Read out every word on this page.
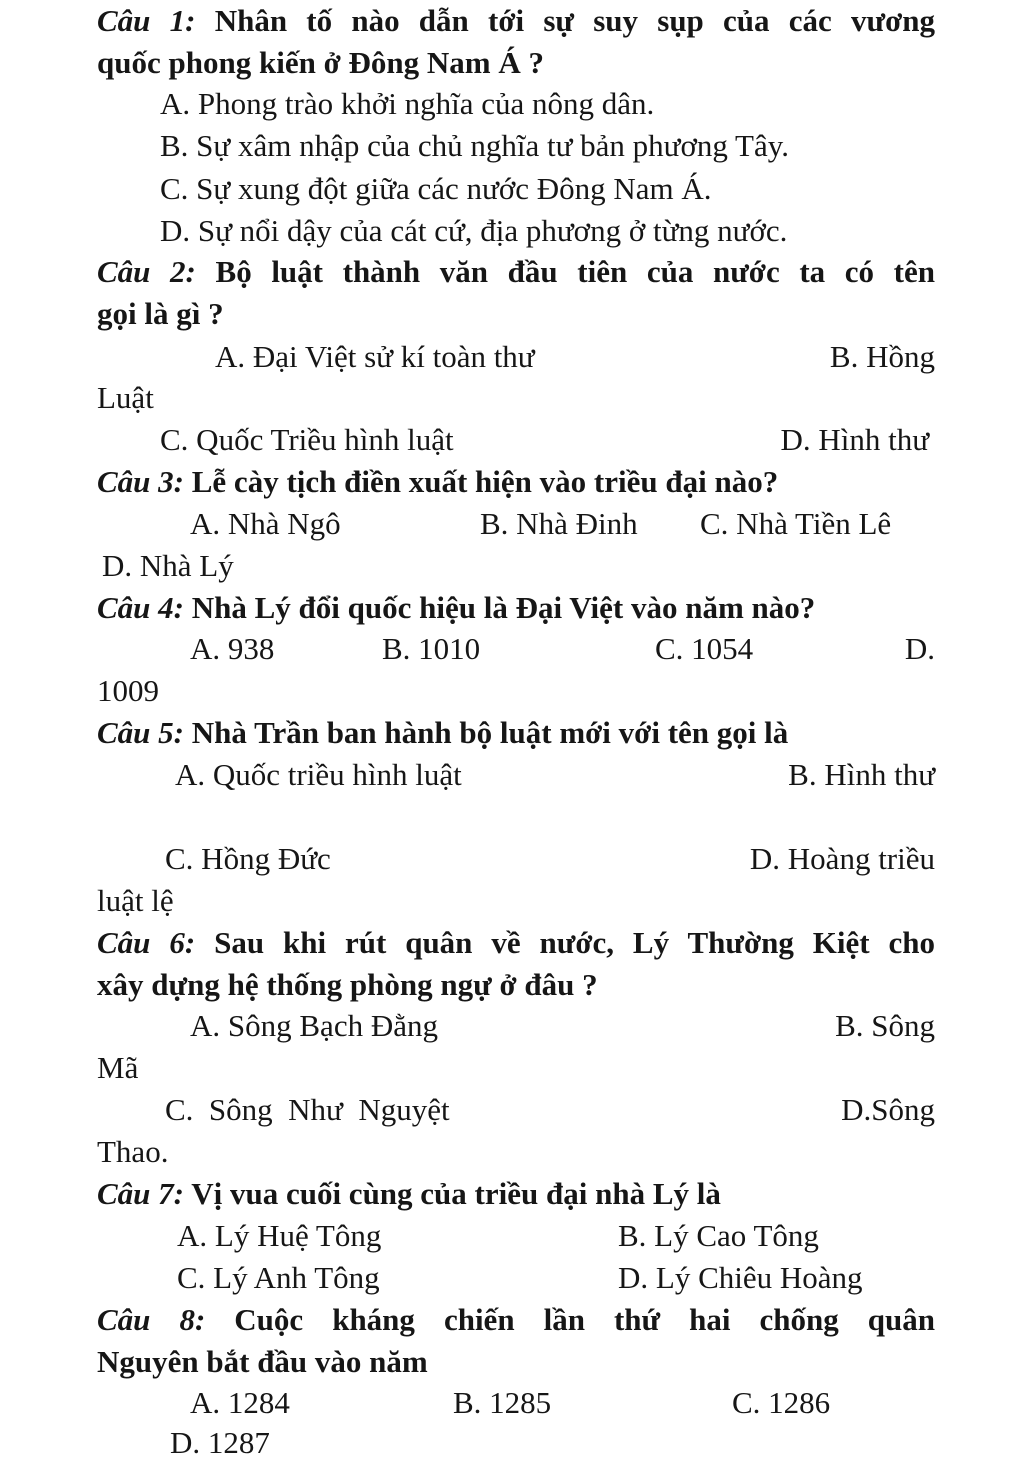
Câu 1: Nhân tố nào dẫn tới sự suy sụp của các vương
quốc phong kiến ở Đông Nam Á ?
A. Phong trào khởi nghĩa của nông dân.
B. Sự xâm nhập của chủ nghĩa tư bản phương Tây.
C. Sự xung đột giữa các nước Đông Nam Á.
D. Sự nổi dậy của cát cứ, địa phương ở từng nước.
Câu 2: Bộ luật thành văn đầu tiên của nước ta có tên
gọi là gì ?
A. Đại Việt sử kí toàn thư	B. Hồng
Luật
C. Quốc Triều hình luật	D. Hình thư
Câu 3: Lễ cày tịch điền xuất hiện vào triều đại nào?
A. Nhà Ngô	B. Nhà Đinh C. Nhà Tiền Lê
D. Nhà Lý
Câu 4: Nhà Lý đổi quốc hiệu là Đại Việt vào năm nào?
A. 938	B. 1010	C. 1054	D.
1009
Câu 5: Nhà Trần ban hành bộ luật mới với tên gọi là
A. Quốc triều hình luật	B. Hình thư
C. Hồng Đức	D. Hoàng triều
luật lệ
Câu 6: Sau khi rút quân về nước, Lý Thường Kiệt cho
xây dựng hệ thống phòng ngự ở đâu ?
A. Sông Bạch Đằng	B. Sông
Mã
C.  Sông  Như  Nguyệt	D.Sông
Thao.
Câu 7: Vị vua cuối cùng của triều đại nhà Lý là
A. Lý Huệ Tông	B. Lý Cao Tông
C. Lý Anh Tông	D. Lý Chiêu Hoàng
Câu 8: Cuộc kháng chiến lần thứ hai chống quân
Nguyên bắt đầu vào năm
A. 1284	B. 1285	C. 1286
D. 1287
